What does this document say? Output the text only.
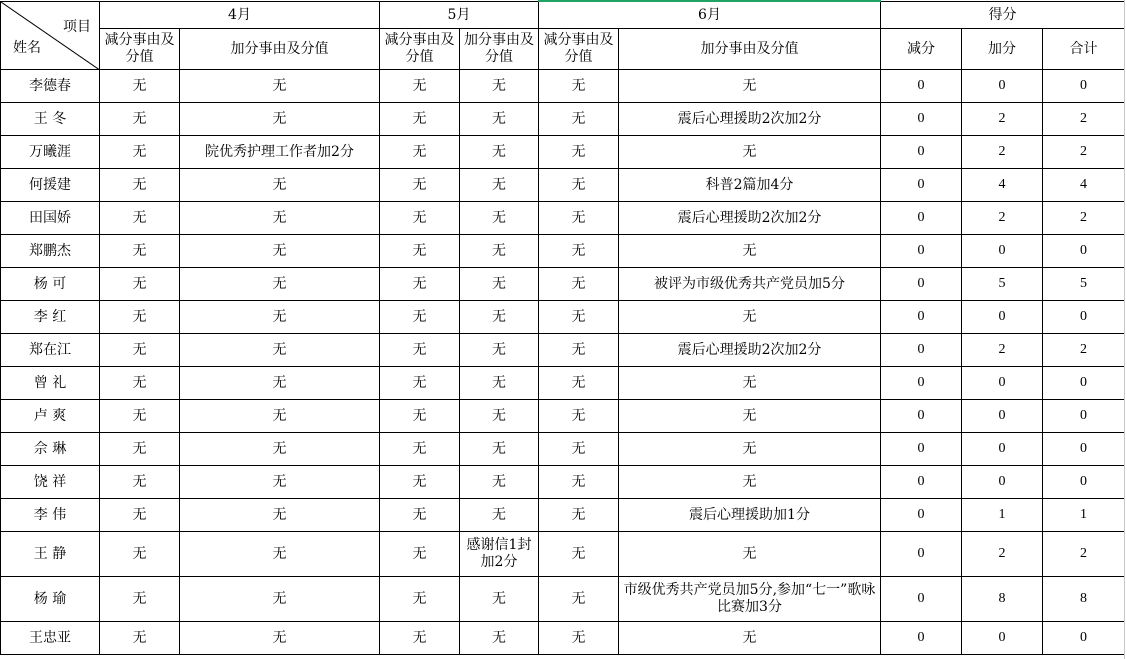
项目
姓名	4月		5月		6月		得分		
	减分事由及分值	加分事由及分值	减分事由及分值	加分事由及分值	减分事由及分值	加分事由及分值	减分	加分	合计
李德春	无	无	无	无	无	无	0	0	0
王 冬	无	无	无	无	无	震后心理援助2次加2分	0	2	2
万曦涯	无	院优秀护理工作者加2分	无	无	无	无	0	2	2
何援建	无	无	无	无	无	科普2篇加4分	0	4	4
田国娇	无	无	无	无	无	震后心理援助2次加2分	0	2	2
郑鹏杰	无	无	无	无	无	无	0	0	0
杨 可	无	无	无	无	无	被评为市级优秀共产党员加5分	0	5	5
李 红	无	无	无	无	无	无	0	0	0
郑在江	无	无	无	无	无	震后心理援助2次加2分	0	2	2
曾 礼	无	无	无	无	无	无	0	0	0
卢 爽	无	无	无	无	无	无	0	0	0
佘 琳	无	无	无	无	无	无	0	0	0
饶 祥	无	无	无	无	无	无	0	0	0
李 伟	无	无	无	无	无	震后心理援助加1分	0	1	1
王 静	无	无	无	感谢信1封加2分	无	无	0	2	2
杨 瑜	无	无	无	无	无	市级优秀共产党员加5分,参加“七一”歌咏比赛加3分	0	8	8
王忠亚	无	无	无	无	无	无	0	0	0
